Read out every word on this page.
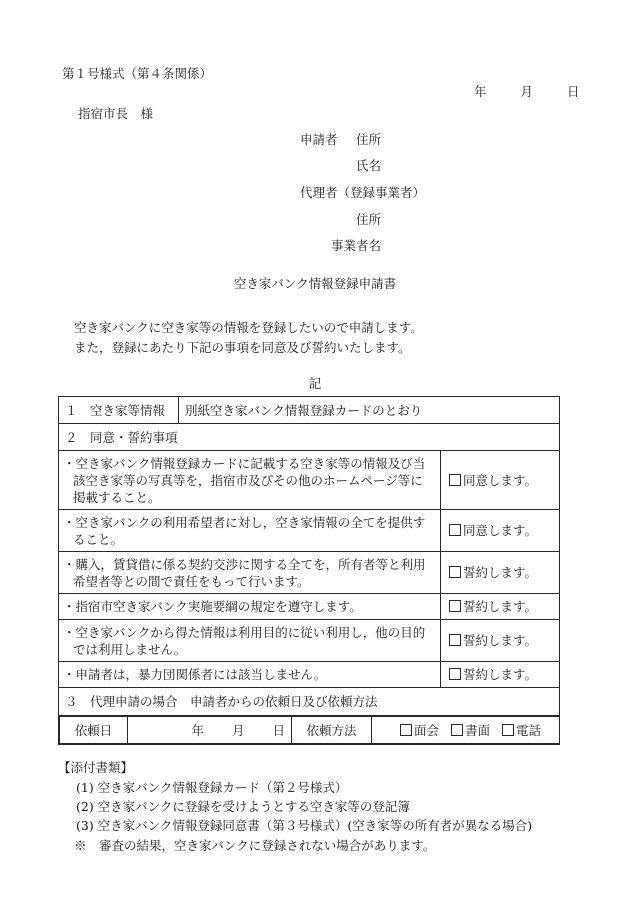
第１号様式（第４条関係）
年	月	日
指宿市長　様
申請者 住所
氏名
代理者（登録事業者）
住所
事業者名
空き家バンク情報登録申請書
空き家バンクに空き家等の情報を登録したいので申請します。
また，登録にあたり下記の事項を同意及び誓約いたします。
記
１　空き家等情報	別紙空き家バンク情報登録カードのとおり
２　同意・誓約事項
・空き家バンク情報登録カードに記載する空き家等の情報及び当該空き家等の写真等を，指宿市及びその他のホームページ等に掲載すること。	同意します。
・空き家バンクの利用希望者に対し，空き家情報の全てを提供すること。	同意します。
・購入，賃貸借に係る契約交渉に関する全てを，所有者等と利用希望者等との間で責任をもって行います。	誓約します。
・指宿市空き家バンク実施要綱の規定を遵守します。	誓約します。
・空き家バンクから得た情報は利用目的に従い利用し，他の目的では利用しません。	誓約します。
・申請者は，暴力団関係者には該当しません。	誓約します。
３　代理申請の場合　申請者からの依頼日及び依頼方法

依頼日	年 月 日	依頼方法	面会 書面 電話
【添付書類】
(1) 空き家バンク情報登録カード（第２号様式）
(2) 空き家バンクに登録を受けようとする空き家等の登記簿
(3) 空き家バンク情報登録同意書（第３号様式）(空き家等の所有者が異なる場合)
※　審査の結果，空き家バンクに登録されない場合があります。
